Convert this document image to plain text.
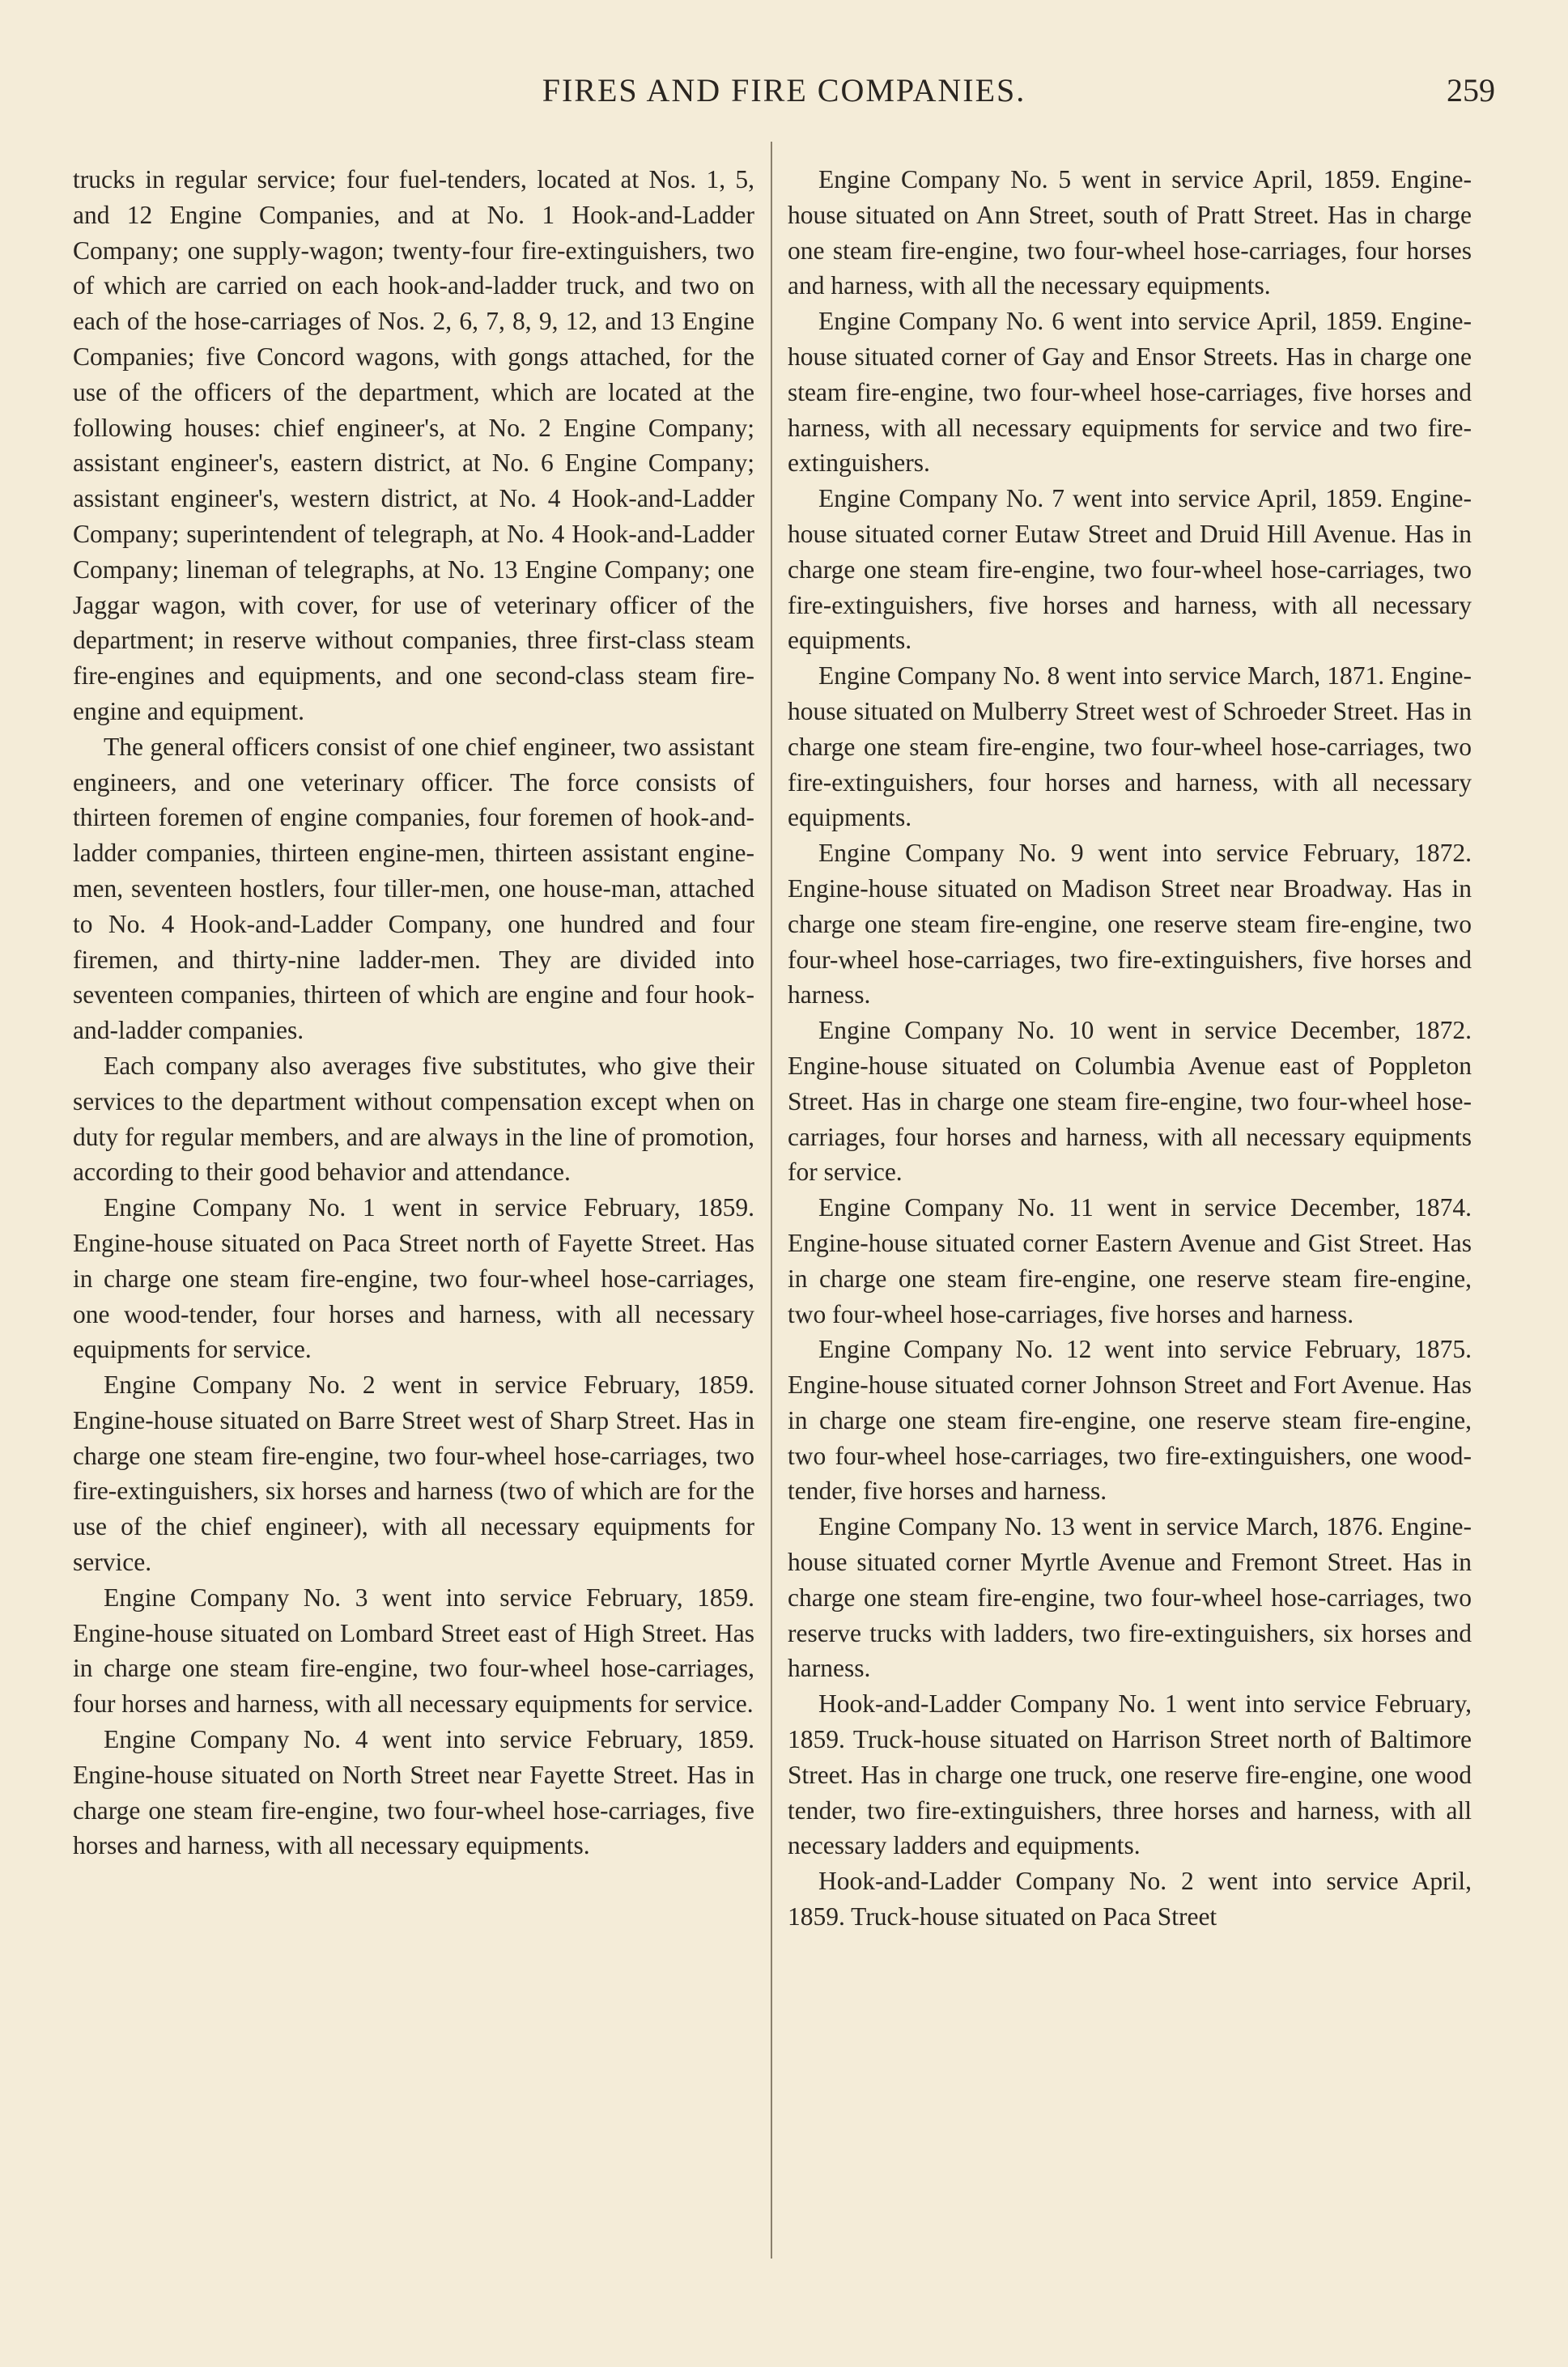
FIRES AND FIRE COMPANIES.	259

trucks in regular service; four fuel-tenders, located at Nos. 1, 5, and 12 Engine Companies, and at No. 1 Hook-and-Ladder Company; one supply-wagon; twenty-four fire-extinguishers, two of which are carried on each hook-and-ladder truck, and two on each of the hose-carriages of Nos. 2, 6, 7, 8, 9, 12, and 13 Engine Companies; five Concord wagons, with gongs attached, for the use of the officers of the department, which are located at the following houses: chief engineer's, at No. 2 Engine Company; assistant engineer's, eastern district, at No. 6 Engine Company; assistant engineer's, western district, at No. 4 Hook-and-Ladder Company; superintendent of telegraph, at No. 4 Hook-and-Ladder Company; lineman of telegraphs, at No. 13 Engine Company; one Jaggar wagon, with cover, for use of veterinary officer of the department; in reserve without companies, three first-class steam fire-engines and equipments, and one second-class steam fire-engine and equipment.

The general officers consist of one chief engineer, two assistant engineers, and one veterinary officer. The force consists of thirteen foremen of engine companies, four foremen of hook-and-ladder companies, thirteen engine-men, thirteen assistant engine-men, seventeen hostlers, four tiller-men, one house-man, attached to No. 4 Hook-and-Ladder Company, one hundred and four firemen, and thirty-nine ladder-men. They are divided into seventeen companies, thirteen of which are engine and four hook-and-ladder companies.

Each company also averages five substitutes, who give their services to the department without compensation except when on duty for regular members, and are always in the line of promotion, according to their good behavior and attendance.

Engine Company No. 1 went in service February, 1859. Engine-house situated on Paca Street north of Fayette Street. Has in charge one steam fire-engine, two four-wheel hose-carriages, one wood-tender, four horses and harness, with all necessary equipments for service.

Engine Company No. 2 went in service February, 1859. Engine-house situated on Barre Street west of Sharp Street. Has in charge one steam fire-engine, two four-wheel hose-carriages, two fire-extinguishers, six horses and harness (two of which are for the use of the chief engineer), with all necessary equipments for service.

Engine Company No. 3 went into service February, 1859. Engine-house situated on Lombard Street east of High Street. Has in charge one steam fire-engine, two four-wheel hose-carriages, four horses and harness, with all necessary equipments for service.

Engine Company No. 4 went into service February, 1859. Engine-house situated on North Street near Fayette Street. Has in charge one steam fire-engine, two four-wheel hose-carriages, five horses and harness, with all necessary equipments.

Engine Company No. 5 went in service April, 1859. Engine-house situated on Ann Street, south of Pratt Street. Has in charge one steam fire-engine, two four-wheel hose-carriages, four horses and harness, with all the necessary equipments.

Engine Company No. 6 went into service April, 1859. Engine-house situated corner of Gay and Ensor Streets. Has in charge one steam fire-engine, two four-wheel hose-carriages, five horses and harness, with all necessary equipments for service and two fire-extinguishers.

Engine Company No. 7 went into service April, 1859. Engine-house situated corner Eutaw Street and Druid Hill Avenue. Has in charge one steam fire-engine, two four-wheel hose-carriages, two fire-extinguishers, five horses and harness, with all necessary equipments.

Engine Company No. 8 went into service March, 1871. Engine-house situated on Mulberry Street west of Schroeder Street. Has in charge one steam fire-engine, two four-wheel hose-carriages, two fire-extinguishers, four horses and harness, with all necessary equipments.

Engine Company No. 9 went into service February, 1872. Engine-house situated on Madison Street near Broadway. Has in charge one steam fire-engine, one reserve steam fire-engine, two four-wheel hose-carriages, two fire-extinguishers, five horses and harness.

Engine Company No. 10 went in service December, 1872. Engine-house situated on Columbia Avenue east of Poppleton Street. Has in charge one steam fire-engine, two four-wheel hose-carriages, four horses and harness, with all necessary equipments for service.

Engine Company No. 11 went in service December, 1874. Engine-house situated corner Eastern Avenue and Gist Street. Has in charge one steam fire-engine, one reserve steam fire-engine, two four-wheel hose-carriages, five horses and harness.

Engine Company No. 12 went into service February, 1875. Engine-house situated corner Johnson Street and Fort Avenue. Has in charge one steam fire-engine, one reserve steam fire-engine, two four-wheel hose-carriages, two fire-extinguishers, one wood-tender, five horses and harness.

Engine Company No. 13 went in service March, 1876. Engine-house situated corner Myrtle Avenue and Fremont Street. Has in charge one steam fire-engine, two four-wheel hose-carriages, two reserve trucks with ladders, two fire-extinguishers, six horses and harness.

Hook-and-Ladder Company No. 1 went into service February, 1859. Truck-house situated on Harrison Street north of Baltimore Street. Has in charge one truck, one reserve fire-engine, one wood tender, two fire-extinguishers, three horses and harness, with all necessary ladders and equipments.

Hook-and-Ladder Company No. 2 went into service April, 1859. Truck-house situated on Paca Street
